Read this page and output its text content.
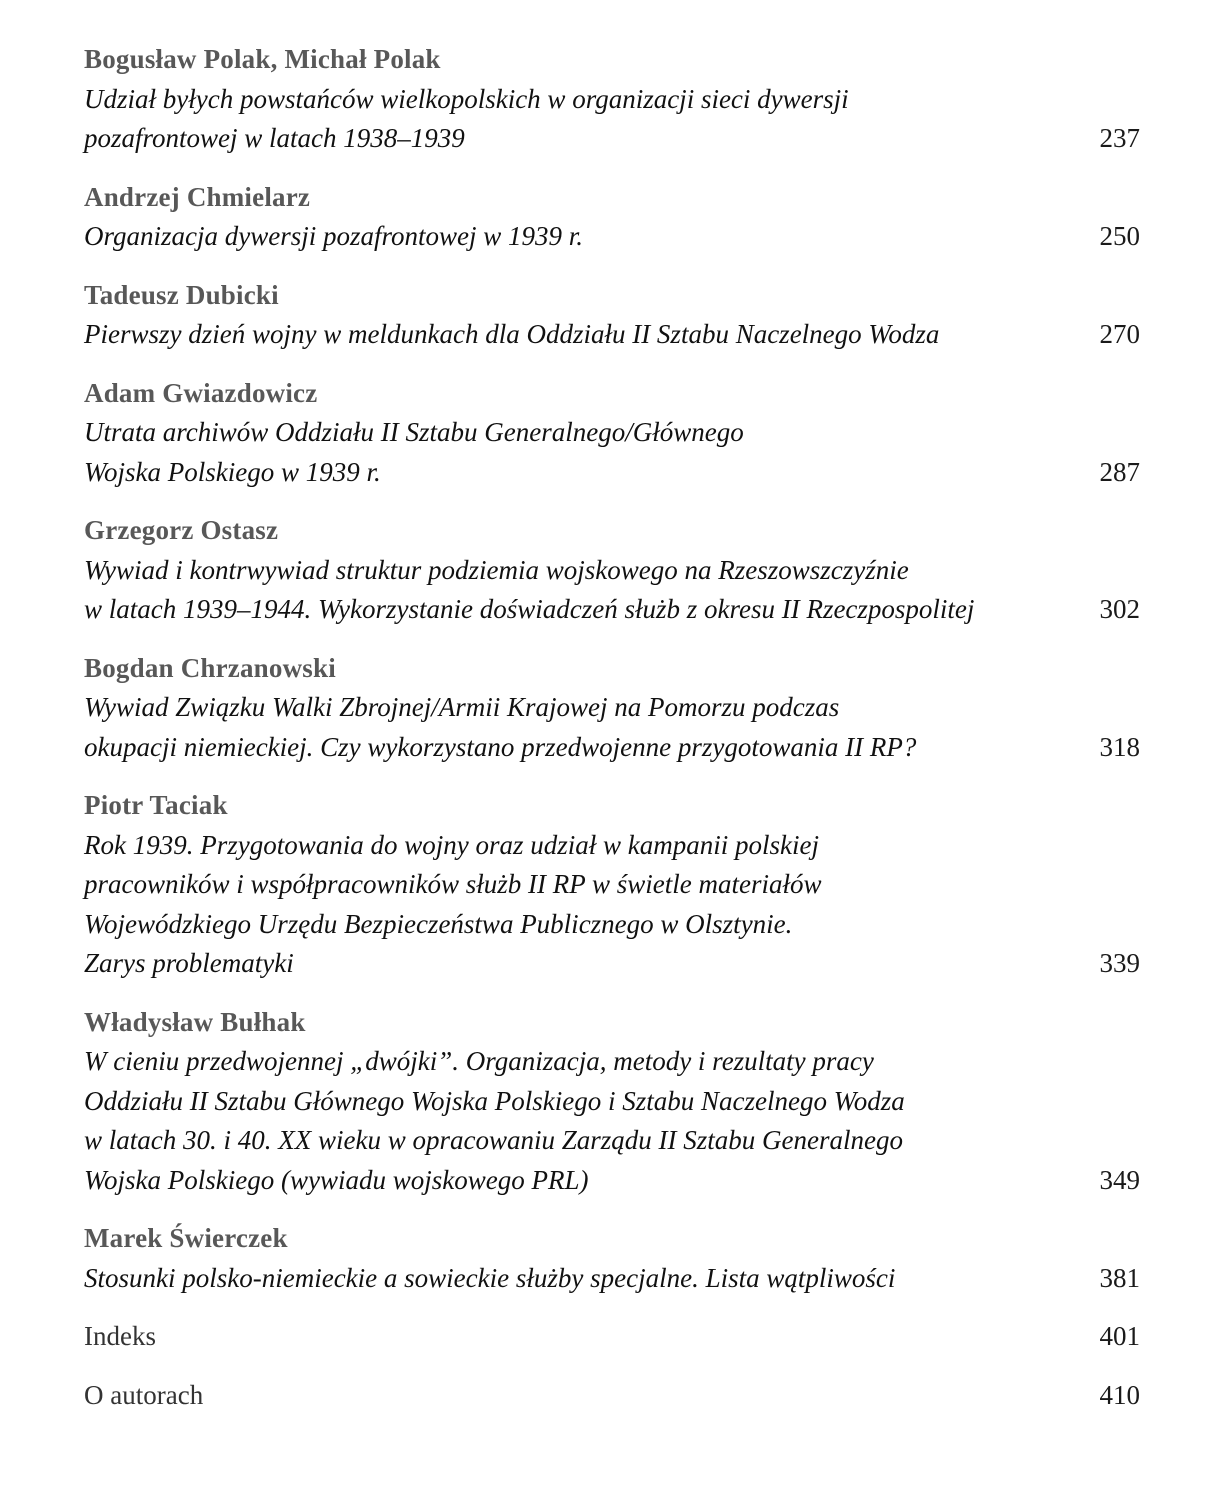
Bogusław Polak, Michał Polak
Udział byłych powstańców wielkopolskich w organizacji sieci dywersji
pozafrontowej w latach 1938–1939	237
Andrzej Chmielarz
Organizacja dywersji pozafrontowej w 1939 r.	250
Tadeusz Dubicki
Pierwszy dzień wojny w meldunkach dla Oddziału II Sztabu Naczelnego Wodza	270
Adam Gwiazdowicz
Utrata archiwów Oddziału II Sztabu Generalnego/Głównego
Wojska Polskiego w 1939 r.	287
Grzegorz Ostasz
Wywiad i kontrwywiad struktur podziemia wojskowego na Rzeszowszczyźnie
w latach 1939–1944. Wykorzystanie doświadczeń służb z okresu II Rzeczpospolitej	302
Bogdan Chrzanowski
Wywiad Związku Walki Zbrojnej/Armii Krajowej na Pomorzu podczas
okupacji niemieckiej. Czy wykorzystano przedwojenne przygotowania II RP?	318
Piotr Taciak
Rok 1939. Przygotowania do wojny oraz udział w kampanii polskiej
pracowników i współpracowników służb II RP w świetle materiałów
Wojewódzkiego Urzędu Bezpieczeństwa Publicznego w Olsztynie.
Zarys problematyki	339
Władysław Bułhak
W cieniu przedwojennej „dwójki”. Organizacja, metody i rezultaty pracy
Oddziału II Sztabu Głównego Wojska Polskiego i Sztabu Naczelnego Wodza
w latach 30. i 40. XX wieku w opracowaniu Zarządu II Sztabu Generalnego
Wojska Polskiego (wywiadu wojskowego PRL)	349
Marek Świerczek
Stosunki polsko-niemieckie a sowieckie służby specjalne. Lista wątpliwości	381
Indeks	401
O autorach	410
